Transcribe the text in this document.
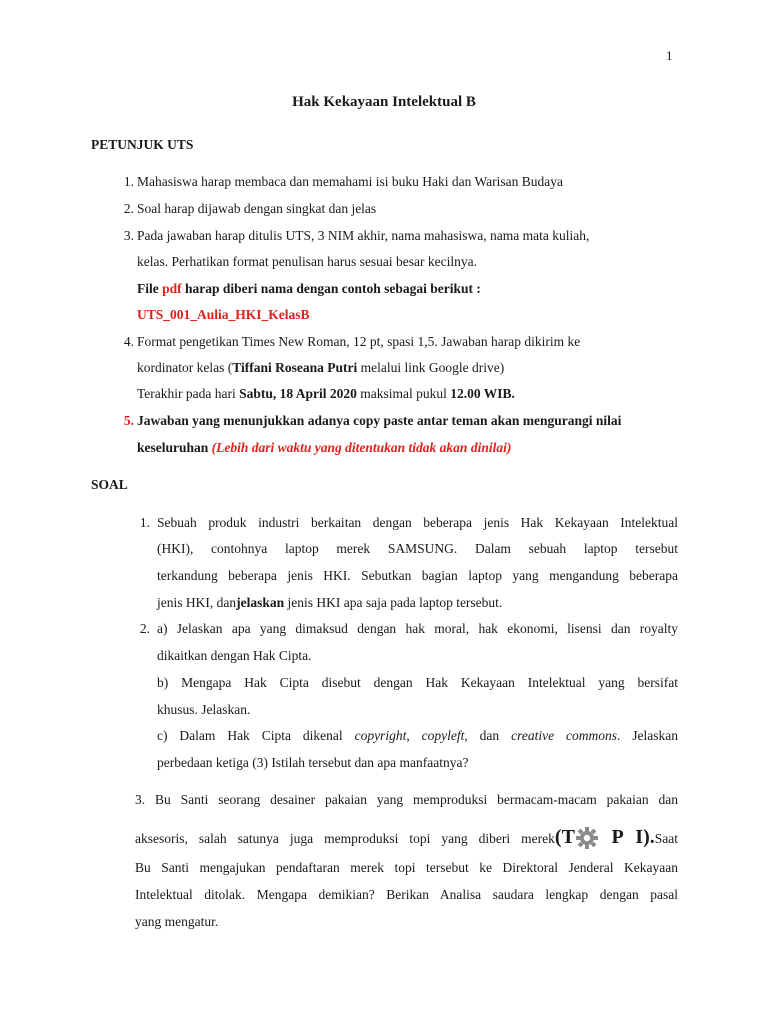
1
Hak Kekayaan Intelektual B
PETUNJUK UTS
1. Mahasiswa harap membaca dan memahami isi buku Haki dan Warisan Budaya
2. Soal harap dijawab dengan singkat dan jelas
3. Pada jawaban harap ditulis UTS, 3 NIM akhir, nama mahasiswa, nama mata kuliah,
kelas. Perhatikan format penulisan harus sesuai besar kecilnya.
File pdf harap diberi nama dengan contoh sebagai berikut :
UTS_001_Aulia_HKI_KelasB
4. Format pengetikan Times New Roman, 12 pt, spasi 1,5. Jawaban harap dikirim ke
kordinator kelas (Tiffani Roseana Putri melalui link Google drive)
Terakhir pada hari Sabtu, 18 April 2020 maksimal pukul 12.00 WIB.
5. Jawaban yang menunjukkan adanya copy paste antar teman akan mengurangi nilai
keseluruhan (Lebih dari waktu yang ditentukan tidak akan dinilai)
SOAL
1. Sebuah produk industri berkaitan dengan beberapa jenis Hak Kekayaan Intelektual
(HKI), contohnya laptop merek SAMSUNG. Dalam sebuah laptop tersebut
terkandung beberapa jenis HKI. Sebutkan bagian laptop yang mengandung beberapa
jenis HKI, danjelaskan jenis HKI apa saja pada laptop tersebut.
2. a) Jelaskan apa yang dimaksud dengan hak moral, hak ekonomi, lisensi dan royalty
dikaitkan dengan Hak Cipta.
b) Mengapa Hak Cipta disebut dengan Hak Kekayaan Intelektual yang bersifat
khusus. Jelaskan.
c) Dalam Hak Cipta dikenal copyright, copyleft, dan creative commons. Jelaskan
perbedaan ketiga (3) Istilah tersebut dan apa manfaatnya?
3. Bu Santi seorang desainer pakaian yang memproduksi bermacam-macam pakaian dan
aksesoris, salah satunya juga memproduksi topi yang diberi merek(T P I).Saat
Bu Santi mengajukan pendaftaran merek topi tersebut ke Direktoral Jenderal Kekayaan
Intelektual ditolak. Mengapa demikian? Berikan Analisa saudara lengkap dengan pasal
yang mengatur.
